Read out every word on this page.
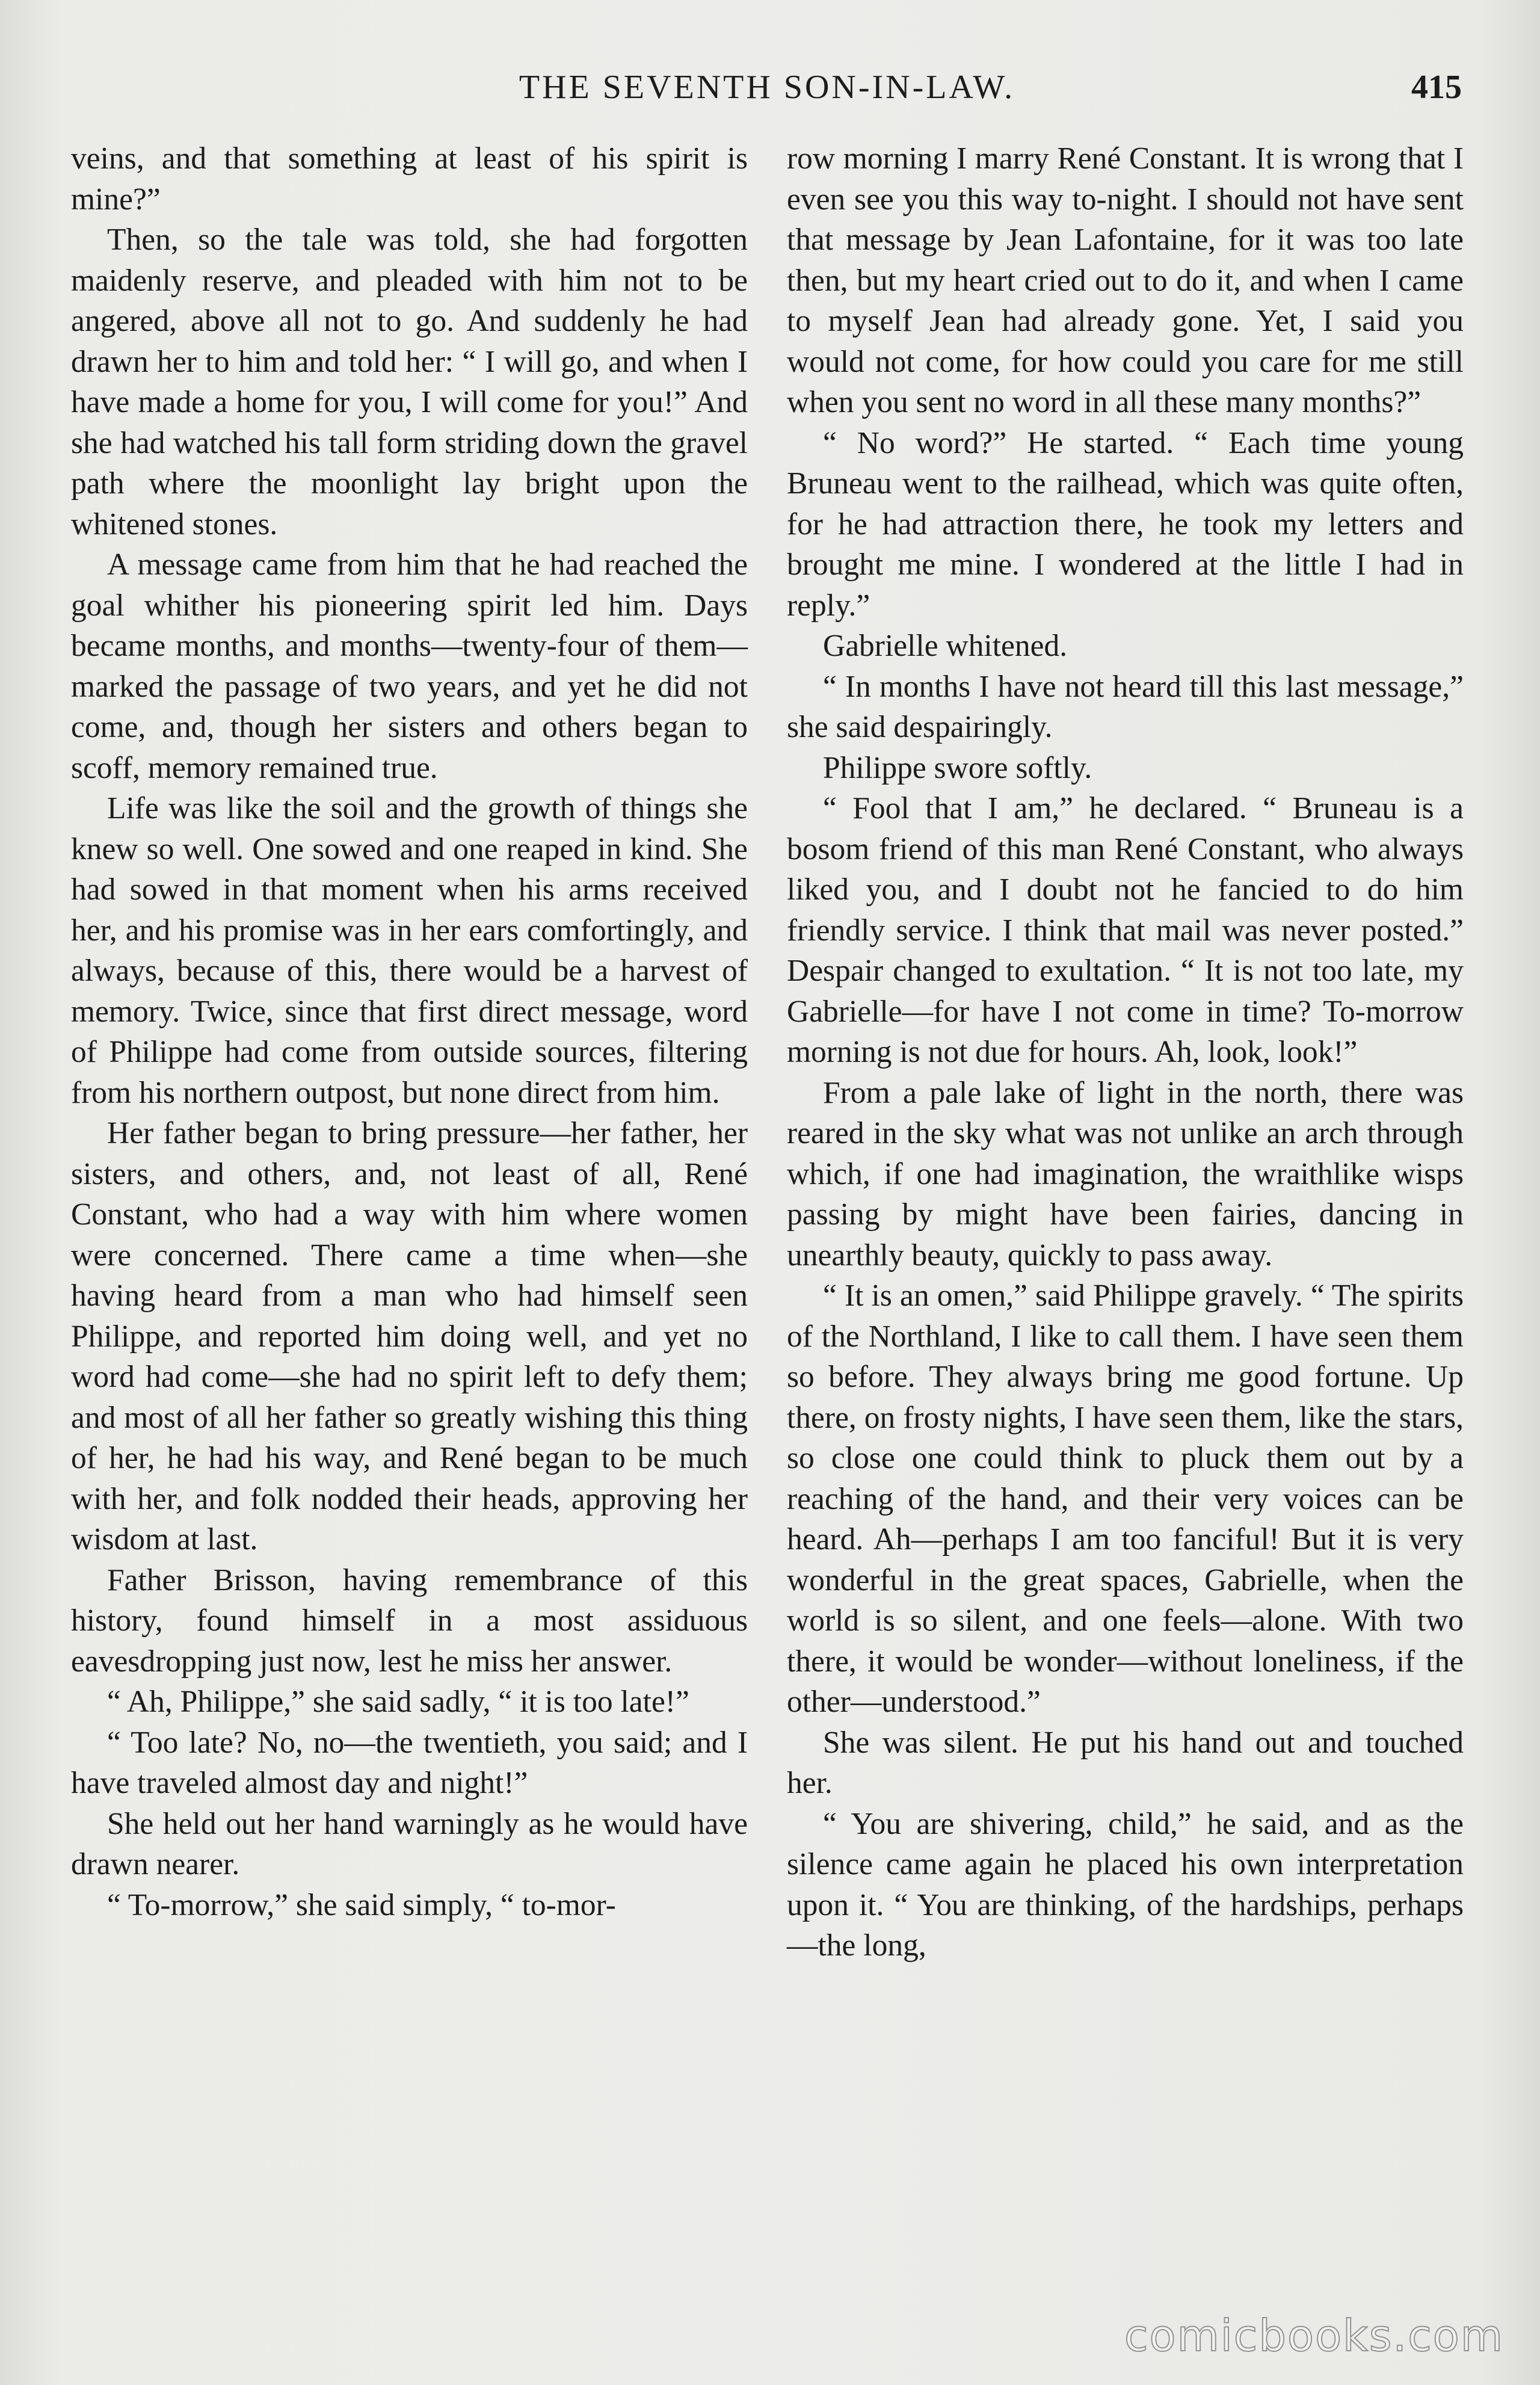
THE SEVENTH SON-IN-LAW.	415

veins, and that something at least of his spirit is mine?”

Then, so the tale was told, she had forgotten maidenly reserve, and pleaded with him not to be angered, above all not to go. And suddenly he had drawn her to him and told her: “ I will go, and when I have made a home for you, I will come for you!” And she had watched his tall form striding down the gravel path where the moonlight lay bright upon the whitened stones.

A message came from him that he had reached the goal whither his pioneering spirit led him. Days became months, and months—twenty-four of them—marked the passage of two years, and yet he did not come, and, though her sisters and others began to scoff, memory remained true.

Life was like the soil and the growth of things she knew so well. One sowed and one reaped in kind. She had sowed in that moment when his arms received her, and his promise was in her ears comfortingly, and always, because of this, there would be a harvest of memory. Twice, since that first direct message, word of Philippe had come from outside sources, filtering from his northern outpost, but none direct from him.

Her father began to bring pressure—her father, her sisters, and others, and, not least of all, René Constant, who had a way with him where women were concerned. There came a time when—she having heard from a man who had himself seen Philippe, and reported him doing well, and yet no word had come—she had no spirit left to defy them; and most of all her father so greatly wishing this thing of her, he had his way, and René began to be much with her, and folk nodded their heads, approving her wisdom at last.

Father Brisson, having remembrance of this history, found himself in a most assiduous eavesdropping just now, lest he miss her answer.

“ Ah, Philippe,” she said sadly, “ it is too late!”

“ Too late? No, no—the twentieth, you said; and I have traveled almost day and night!”

She held out her hand warningly as he would have drawn nearer.

“ To-morrow,” she said simply, “ to-mor-

row morning I marry René Constant. It is wrong that I even see you this way to-night. I should not have sent that message by Jean Lafontaine, for it was too late then, but my heart cried out to do it, and when I came to myself Jean had already gone. Yet, I said you would not come, for how could you care for me still when you sent no word in all these many months?”

“ No word?” He started. “ Each time young Bruneau went to the railhead, which was quite often, for he had attraction there, he took my letters and brought me mine. I wondered at the little I had in reply.”

Gabrielle whitened.

“ In months I have not heard till this last message,” she said despairingly.

Philippe swore softly.

“ Fool that I am,” he declared. “ Bruneau is a bosom friend of this man René Constant, who always liked you, and I doubt not he fancied to do him friendly service. I think that mail was never posted.” Despair changed to exultation. “ It is not too late, my Gabrielle—for have I not come in time? To-morrow morning is not due for hours. Ah, look, look!”

From a pale lake of light in the north, there was reared in the sky what was not unlike an arch through which, if one had imagination, the wraithlike wisps passing by might have been fairies, dancing in unearthly beauty, quickly to pass away.

“ It is an omen,” said Philippe gravely. “ The spirits of the Northland, I like to call them. I have seen them so before. They always bring me good fortune. Up there, on frosty nights, I have seen them, like the stars, so close one could think to pluck them out by a reaching of the hand, and their very voices can be heard. Ah—perhaps I am too fanciful! But it is very wonderful in the great spaces, Gabrielle, when the world is so silent, and one feels—alone. With two there, it would be wonder—without loneliness, if the other—understood.”

She was silent. He put his hand out and touched her.

“ You are shivering, child,” he said, and as the silence came again he placed his own interpretation upon it. “ You are thinking, of the hardships, perhaps—the long,

comicbooks.com
